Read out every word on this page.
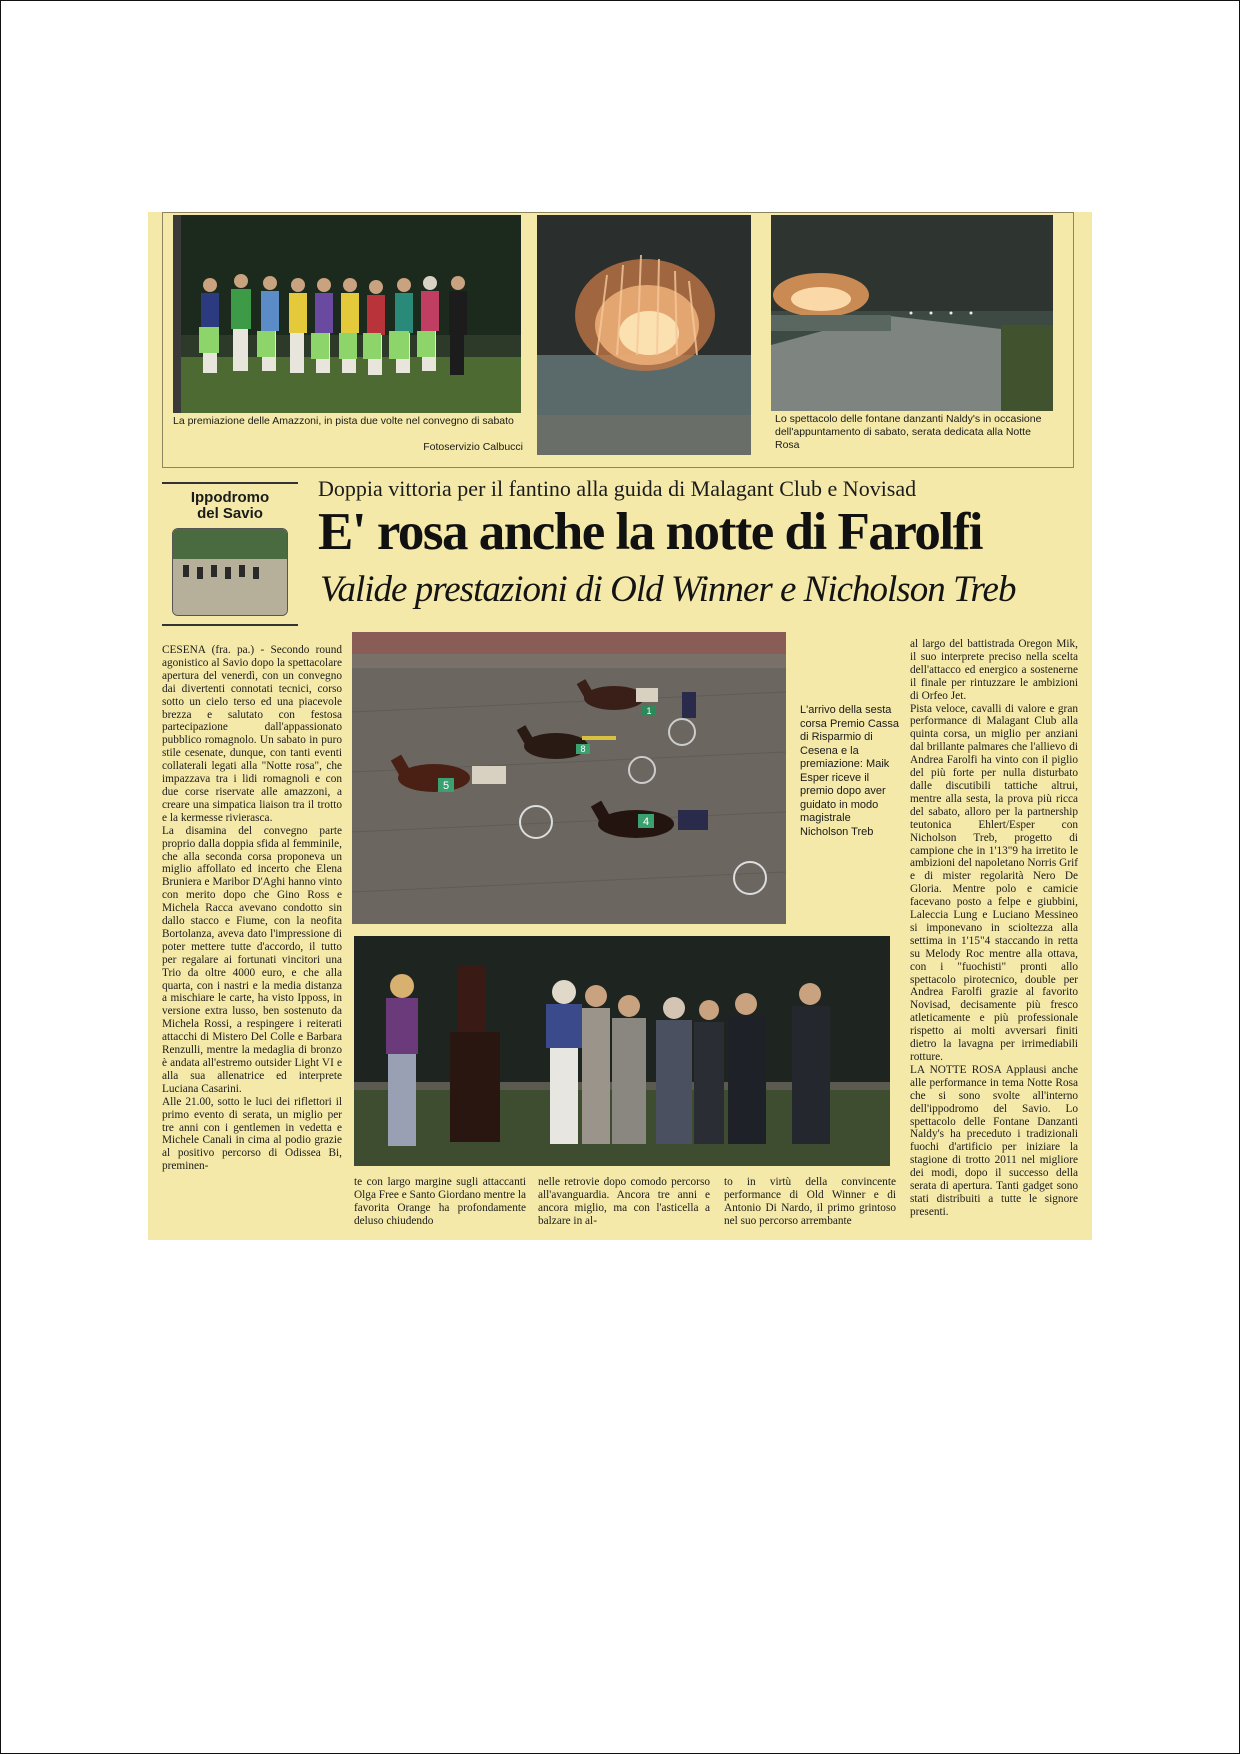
La premiazione delle Amazzoni, in pista due volte nel convegno di sabato
Fotoservizio Calbucci
Lo spettacolo delle fontane danzanti Naldy's in occasione dell'appuntamento di sabato, serata dedicata alla Notte Rosa
Ippodromo
del Savio
Doppia vittoria per il fantino alla guida di Malagant Club e Novisad
E' rosa anche la notte di Farolfi
Valide prestazioni di Old Winner e Nicholson Treb
1
8
5
4
L'arrivo della sesta corsa Premio Cassa di Risparmio di Cesena e la premiazione: Maik Esper riceve il premio dopo aver guidato in modo magistrale Nicholson Treb

CESENA (fra. pa.) - Secondo round agonistico al Savio dopo la spettacolare apertura del venerdì, con un convegno dai divertenti connotati tecnici, corso sotto un cielo terso ed una piacevole brezza e salutato con festosa partecipazione dall'appassionato pubblico romagnolo. Un sabato in puro stile cesenate, dunque, con tanti eventi collaterali legati alla "Notte rosa", che impazzava tra i lidi romagnoli e con due corse riservate alle amazzoni, a creare una simpatica liaison tra il trotto e la kermesse rivierasca.

La disamina del convegno parte proprio dalla doppia sfida al femminile, che alla seconda corsa proponeva un miglio affollato ed incerto che Elena Bruniera e Maribor D'Aghi hanno vinto con merito dopo che Gino Ross e Michela Racca avevano condotto sin dallo stacco e Fiume, con la neofita Bortolanza, aveva dato l'impressione di poter mettere tutte d'accordo, il tutto per regalare ai fortunati vincitori una Trio da oltre 4000 euro, e che alla quarta, con i nastri e la media distanza a mischiare le carte, ha visto Ipposs, in versione extra lusso, ben sostenuto da Michela Rossi, a respingere i reiterati attacchi di Mistero Del Colle e Barbara Renzulli, mentre la medaglia di bronzo è andata all'estremo outsider Light VI e alla sua allenatrice ed interprete Luciana Casarini.

Alle 21.00, sotto le luci dei riflettori il primo evento di serata, un miglio per tre anni con i gentlemen in vedetta e Michele Canali in cima al podio grazie al positivo percorso di Odissea Bi, preminen-

te con largo margine sugli attaccanti Olga Free e Santo Giordano mentre la favorita Orange ha profondamente deluso chiudendo

nelle retrovie dopo comodo percorso all'avanguardia. Ancora tre anni e ancora miglio, ma con l'asticella a balzare in al-

to in virtù della convincente performance di Old Winner e di Antonio Di Nardo, il primo grintoso nel suo percorso arrembante

al largo del battistrada Oregon Mik, il suo interprete preciso nella scelta dell'attacco ed energico a sostenerne il finale per rintuzzare le ambizioni di Orfeo Jet.

Pista veloce, cavalli di valore e gran performance di Malagant Club alla quinta corsa, un miglio per anziani dal brillante palmares che l'allievo di Andrea Farolfi ha vinto con il piglio del più forte per nulla disturbato dalle discutibili tattiche altrui, mentre alla sesta, la prova più ricca del sabato, alloro per la partnership teutonica Ehlert/Esper con Nicholson Treb, progetto di campione che in 1'13"9 ha irretito le ambizioni del napoletano Norris Grif e di mister regolarità Nero De Gloria. Mentre polo e camicie facevano posto a felpe e giubbini, Laleccia Lung e Luciano Messineo si imponevano in scioltezza alla settima in 1'15"4 staccando in retta su Melody Roc mentre alla ottava, con i "fuochisti" pronti allo spettacolo pirotecnico, double per Andrea Farolfi grazie al favorito Novisad, decisamente più fresco atleticamente e più professionale rispetto ai molti avversari finiti dietro la lavagna per irrimediabili rotture.

LA NOTTE ROSA Applausi anche alle performance in tema Notte Rosa che si sono svolte all'interno dell'ippodromo del Savio. Lo spettacolo delle Fontane Danzanti Naldy's ha preceduto i tradizionali fuochi d'artificio per iniziare la stagione di trotto 2011 nel migliore dei modi, dopo il successo della serata di apertura. Tanti gadget sono stati distribuiti a tutte le signore presenti.
